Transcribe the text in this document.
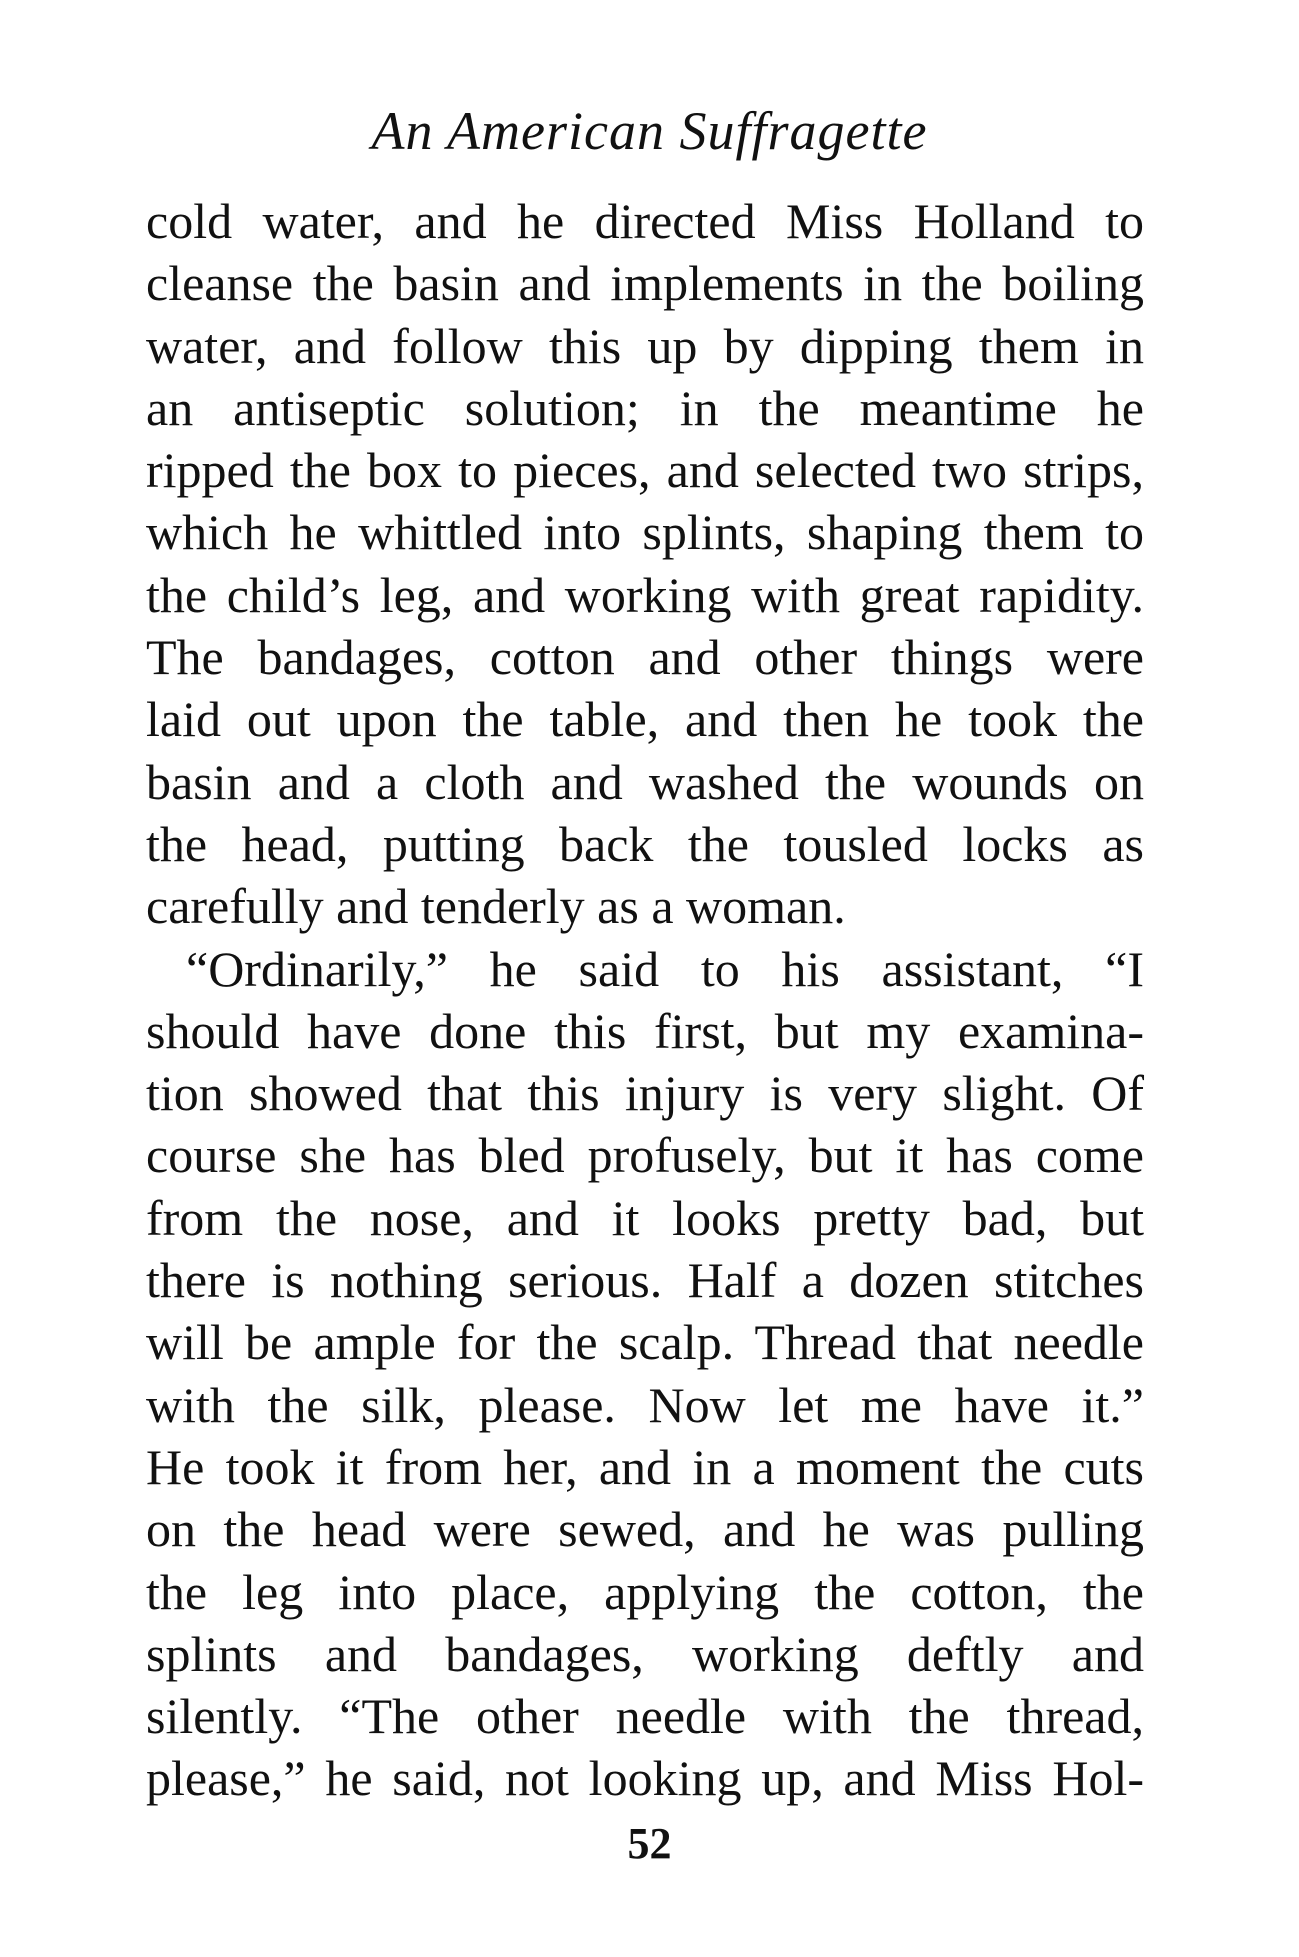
An American Suffragette
cold water, and he directed Miss Holland to
cleanse the basin and implements in the boiling
water, and follow this up by dipping them in
an antiseptic solution; in the meantime he
ripped the box to pieces, and selected two strips,
which he whittled into splints, shaping them to
the child’s leg, and working with great rapidity.
The bandages, cotton and other things were
laid out upon the table, and then he took the
basin and a cloth and washed the wounds on
the head, putting back the tousled locks as
carefully and tenderly as a woman.
“Ordinarily,” he said to his assistant, “I
should have done this first, but my examina-
tion showed that this injury is very slight. Of
course she has bled profusely, but it has come
from the nose, and it looks pretty bad, but
there is nothing serious. Half a dozen stitches
will be ample for the scalp. Thread that needle
with the silk, please. Now let me have it.”
He took it from her, and in a moment the cuts
on the head were sewed, and he was pulling
the leg into place, applying the cotton, the
splints and bandages, working deftly and
silently. “The other needle with the thread,
please,” he said, not looking up, and Miss Hol-
52
